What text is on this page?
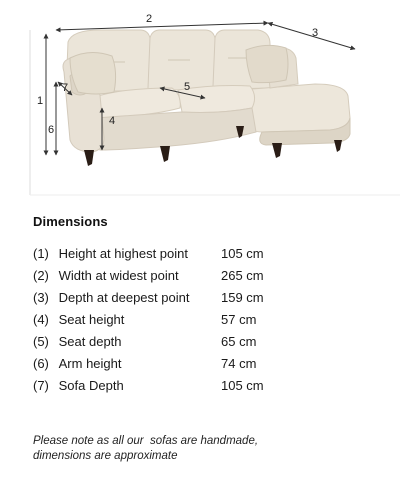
2
3
1
6
7
4
5
Dimensions
(1) Height at highest point	105 cm
(2) Width at widest point	265 cm
(3) Depth at deepest point 159 cm
(4) Seat height	57 cm
(5) Seat depth	65 cm
(6) Arm height	74 cm
(7) Sofa Depth	105 cm
Please note as all our  sofas are handmade,
dimensions are approximate
